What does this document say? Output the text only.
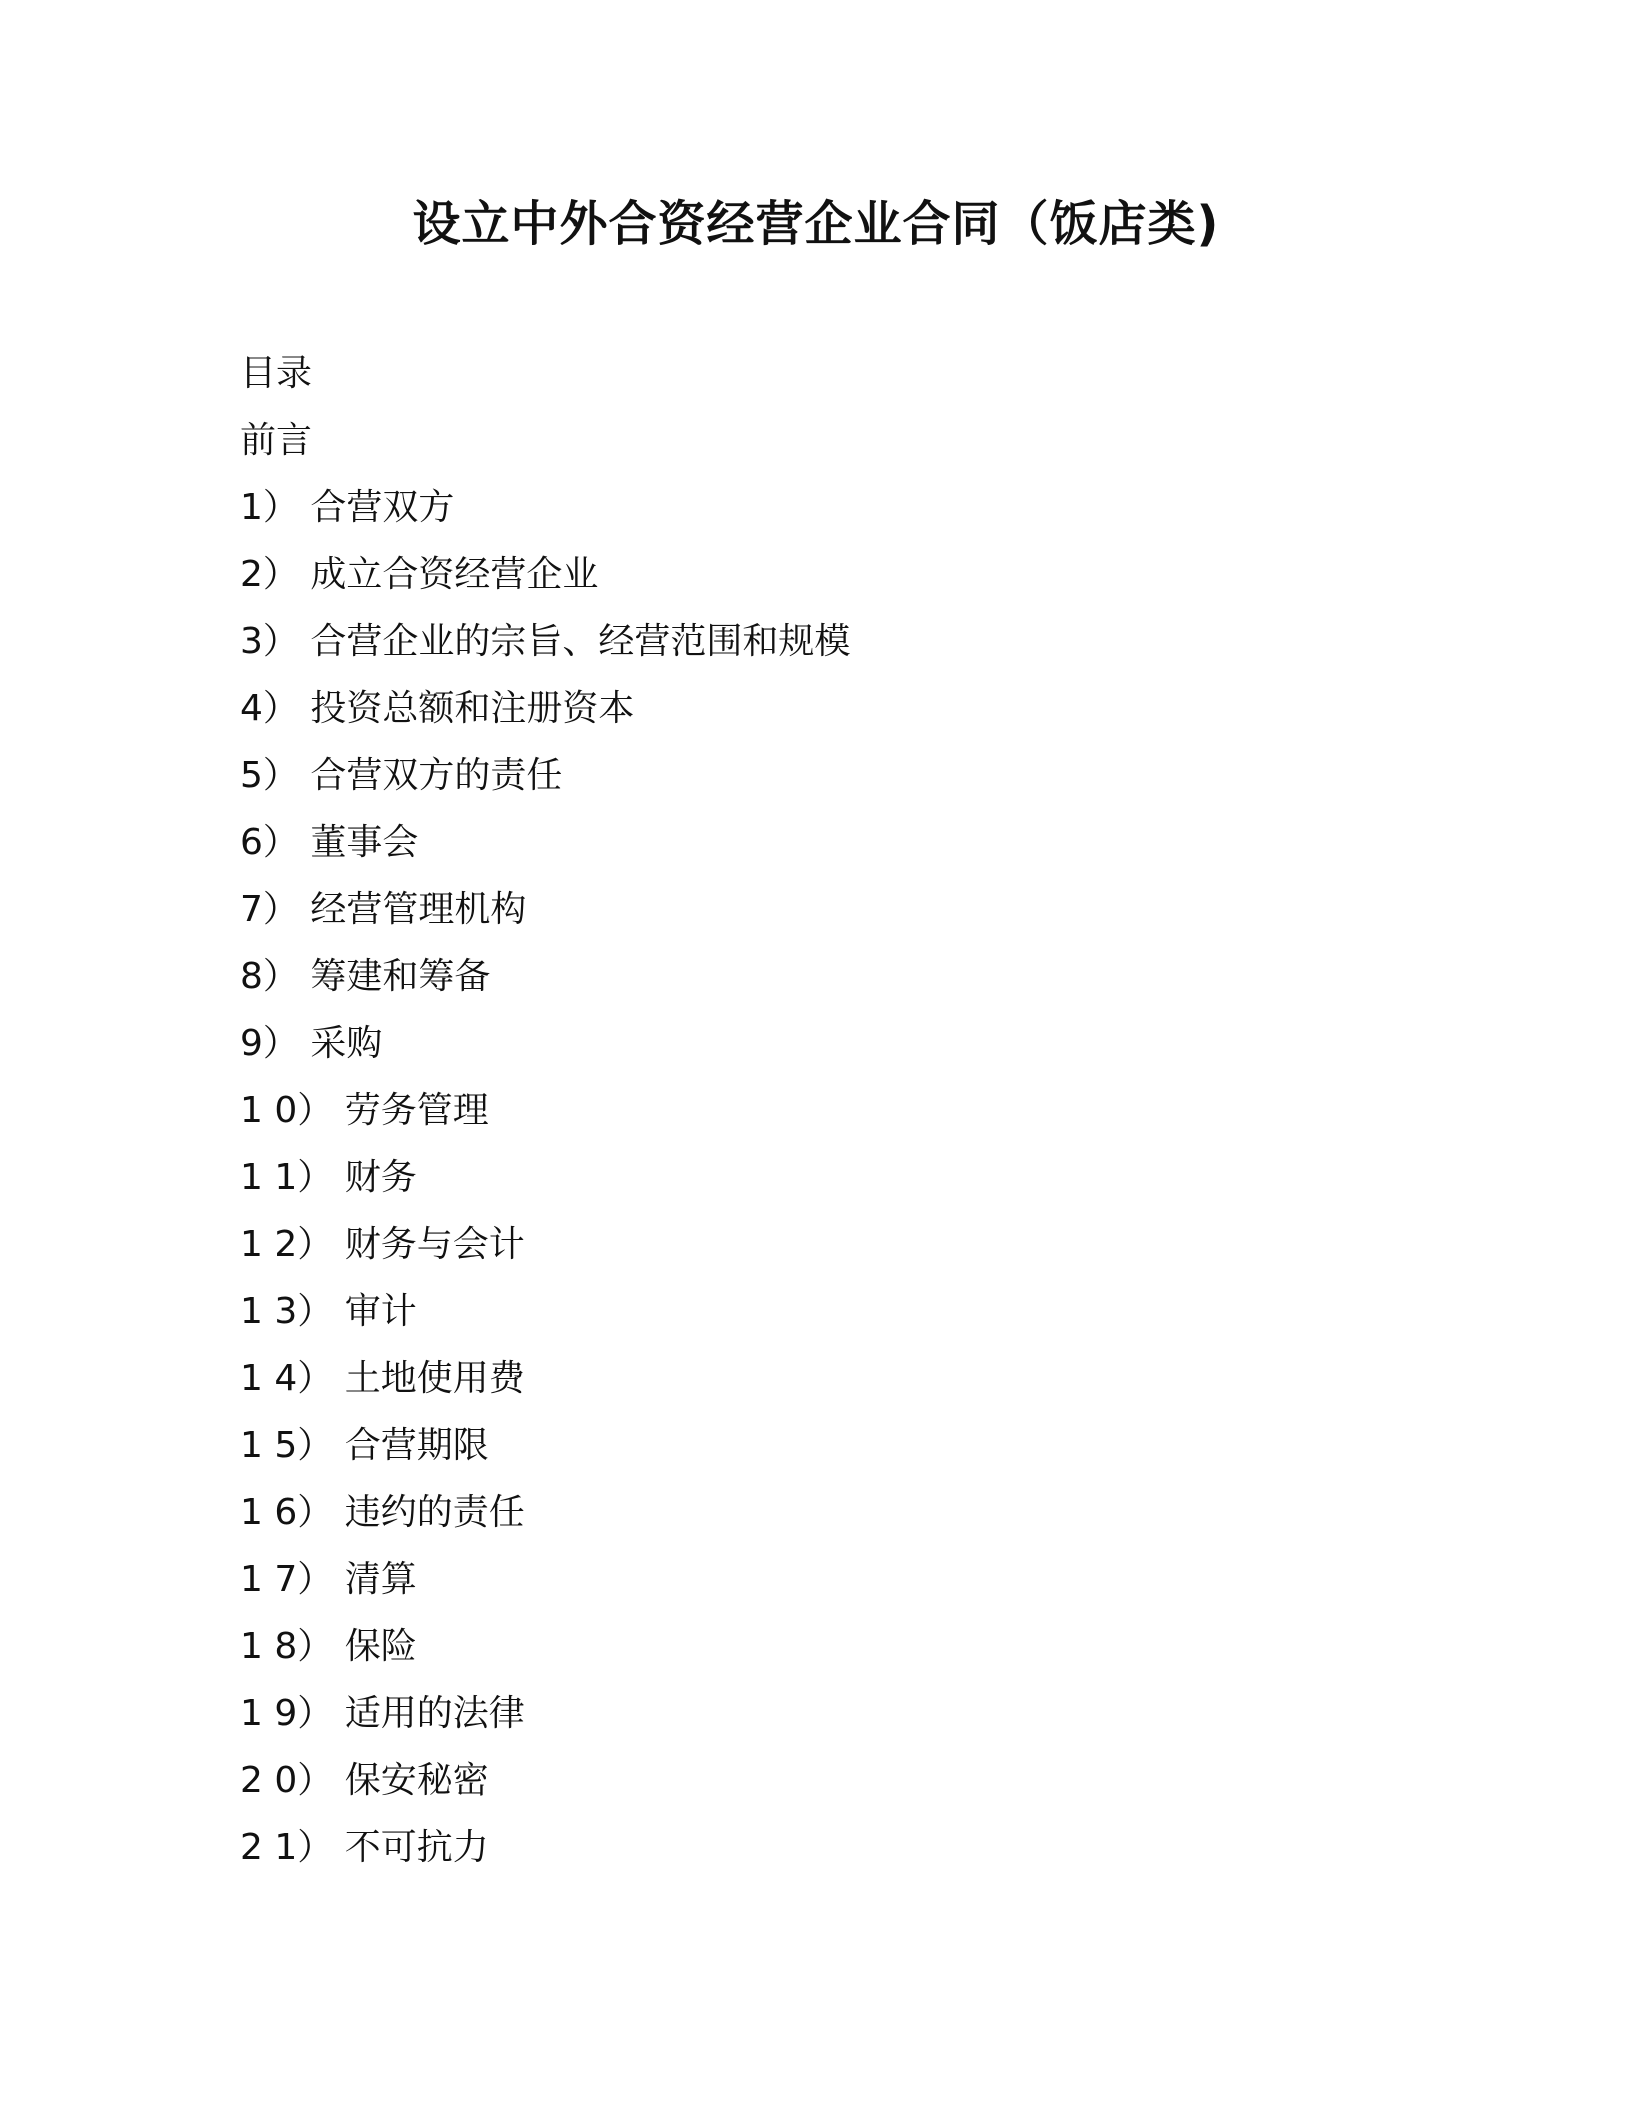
设立中外合资经营企业合同（饭店类)
目录
前言
1） 合营双方
2） 成立合资经营企业
3） 合营企业的宗旨、经营范围和规模
4） 投资总额和注册资本
5） 合营双方的责任
6） 董事会
7） 经营管理机构
8） 筹建和筹备
9） 采购
1 0） 劳务管理
1 1） 财务
1 2） 财务与会计
1 3） 审计
1 4） 土地使用费
1 5） 合营期限
1 6） 违约的责任
1 7） 清算
1 8） 保险
1 9） 适用的法律
2 0） 保安秘密
2 1） 不可抗力
